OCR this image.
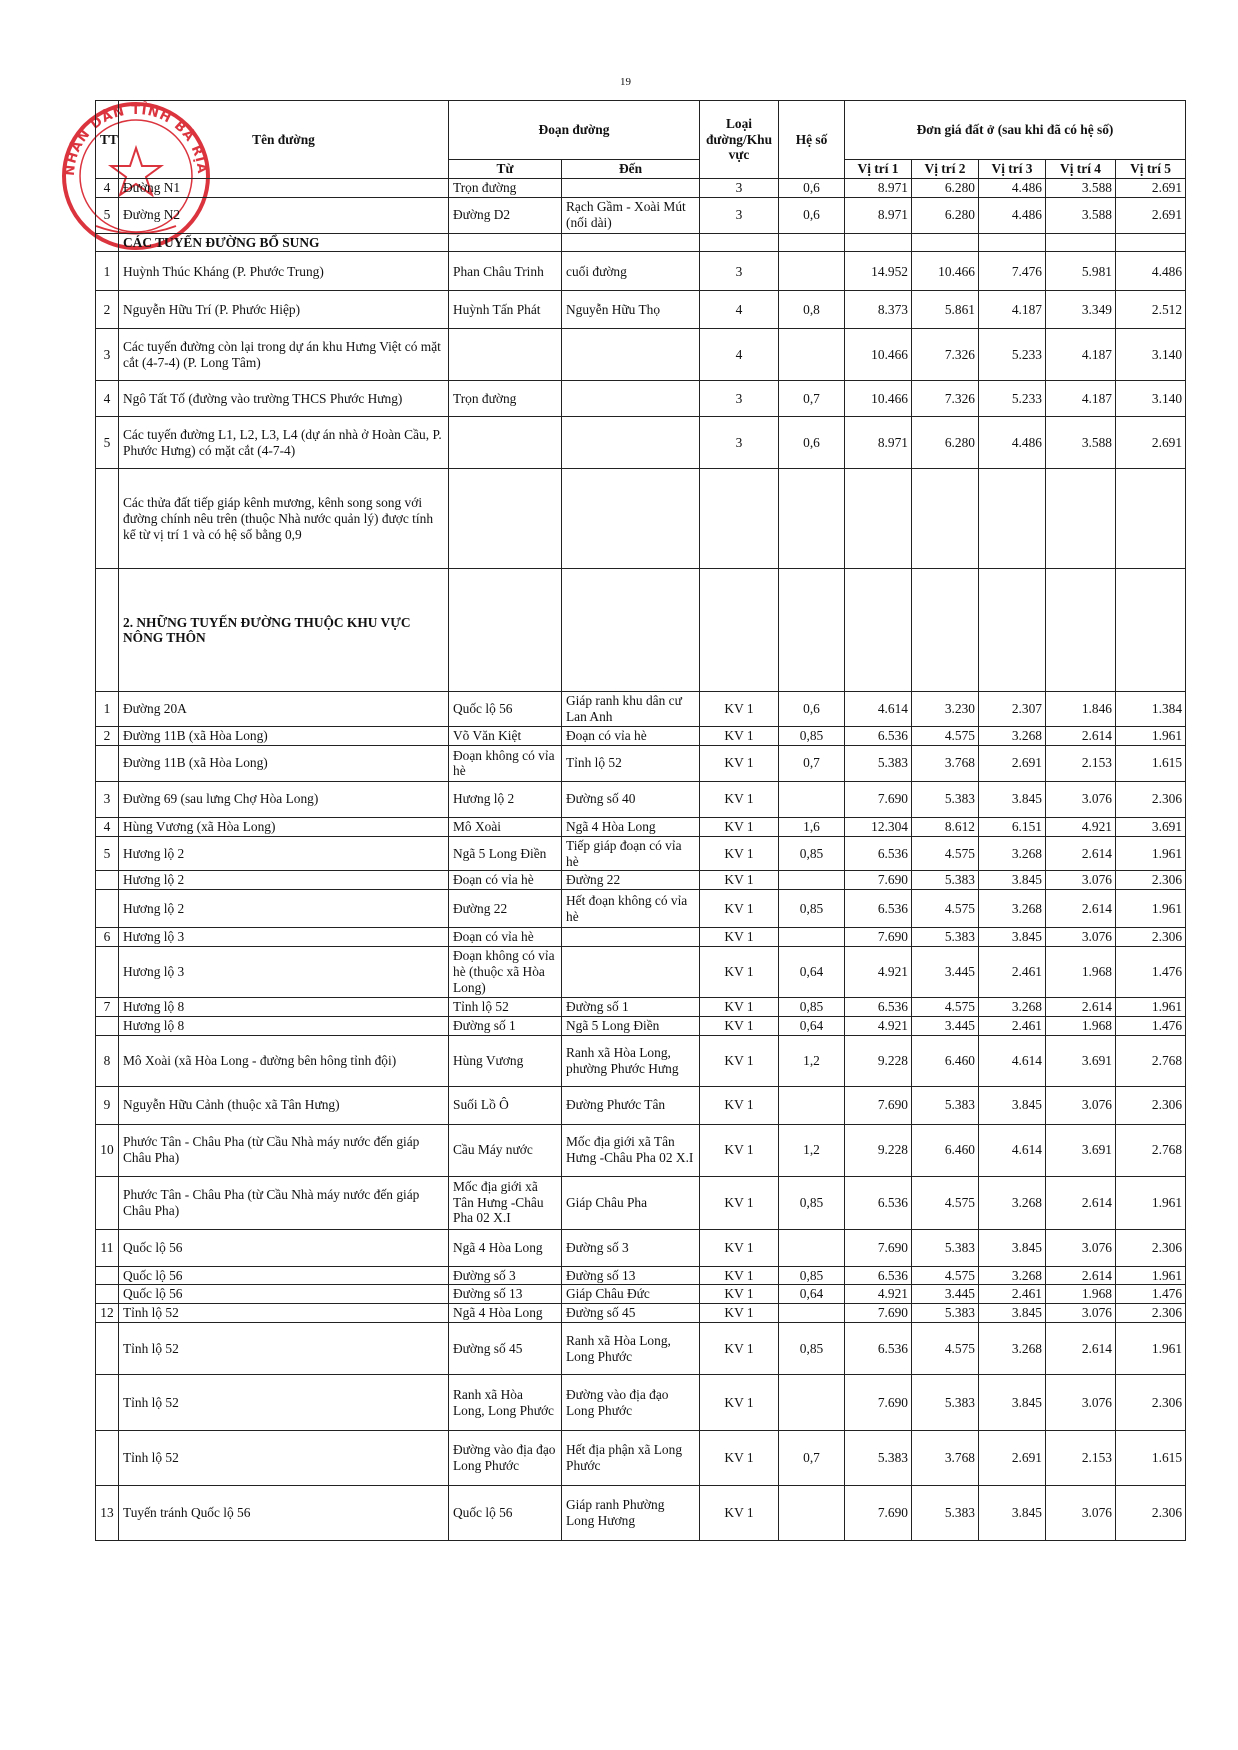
19
NHÂN DÂN TỈNH BÀ RỊA
TT	Tên đường	Đoạn đường		Loại đường/Khu vực	Hệ số	Đơn giá đất ở (sau khi đã có hệ số)				
		Từ	Đến			Vị trí 1	Vị trí 2	Vị trí 3	Vị trí 4	Vị trí 5
4	Đường N1	Trọn đường		3	0,6	8.971	6.280	4.486	3.588	2.691
5	Đường N2	Đường D2	Rạch Gầm - Xoài Mút (nối dài)	3	0,6	8.971	6.280	4.486	3.588	2.691
	CÁC TUYẾN ĐƯỜNG BỔ SUNG									
1	Huỳnh Thúc Kháng (P. Phước Trung)	Phan Châu Trinh	cuối đường	3		14.952	10.466	7.476	5.981	4.486
2	Nguyễn Hữu Trí (P. Phước Hiệp)	Huỳnh Tấn Phát	Nguyễn Hữu Thọ	4	0,8	8.373	5.861	4.187	3.349	2.512
3	Các tuyến đường còn lại trong dự án khu Hưng Việt có mặt cắt (4-7-4) (P. Long Tâm)			4		10.466	7.326	5.233	4.187	3.140
4	Ngô Tất Tố (đường vào trường THCS Phước Hưng)	Trọn đường		3	0,7	10.466	7.326	5.233	4.187	3.140
5	Các tuyến đường L1, L2, L3, L4 (dự án nhà ở Hoàn Cầu, P. Phước Hưng) có mặt cắt (4-7-4)			3	0,6	8.971	6.280	4.486	3.588	2.691
	Các thửa đất tiếp giáp kênh mương, kênh song song với đường chính nêu trên (thuộc Nhà nước quản lý) được tính kể từ vị trí 1 và có hệ số bằng 0,9									
	2. NHỮNG TUYẾN ĐƯỜNG THUỘC KHU VỰC NÔNG THÔN									
1	Đường 20A	Quốc lộ 56	Giáp ranh khu dân cư Lan Anh	KV 1	0,6	4.614	3.230	2.307	1.846	1.384
2	Đường 11B (xã Hòa Long)	Võ Văn Kiệt	Đoạn có vỉa hè	KV 1	0,85	6.536	4.575	3.268	2.614	1.961
	Đường 11B (xã Hòa Long)	Đoạn không có vỉa hè	Tỉnh lộ 52	KV 1	0,7	5.383	3.768	2.691	2.153	1.615
3	Đường 69 (sau lưng Chợ Hòa Long)	Hương lộ 2	Đường số 40	KV 1		7.690	5.383	3.845	3.076	2.306
4	Hùng Vương (xã Hòa Long)	Mô Xoài	Ngã 4 Hòa Long	KV 1	1,6	12.304	8.612	6.151	4.921	3.691
5	Hương lộ 2	Ngã 5 Long Điền	Tiếp giáp đoạn có vỉa hè	KV 1	0,85	6.536	4.575	3.268	2.614	1.961
	Hương lộ 2	Đoạn có vỉa hè	Đường 22	KV 1		7.690	5.383	3.845	3.076	2.306
	Hương lộ 2	Đường 22	Hết đoạn không có vỉa hè	KV 1	0,85	6.536	4.575	3.268	2.614	1.961
6	Hương lộ 3	Đoạn có vỉa hè		KV 1		7.690	5.383	3.845	3.076	2.306
	Hương lộ 3	Đoạn không có vỉa hè (thuộc xã Hòa Long)		KV 1	0,64	4.921	3.445	2.461	1.968	1.476
7	Hương lộ 8	Tỉnh lộ 52	Đường số 1	KV 1	0,85	6.536	4.575	3.268	2.614	1.961
	Hương lộ 8	Đường số 1	Ngã 5 Long Điền	KV 1	0,64	4.921	3.445	2.461	1.968	1.476
8	Mô Xoài (xã Hòa Long - đường bên hông tỉnh đội)	Hùng Vương	Ranh xã Hòa Long, phường Phước Hưng	KV 1	1,2	9.228	6.460	4.614	3.691	2.768
9	Nguyễn Hữu Cảnh (thuộc xã Tân Hưng)	Suối Lồ Ô	Đường Phước Tân	KV 1		7.690	5.383	3.845	3.076	2.306
10	Phước Tân - Châu Pha (từ Cầu Nhà máy nước đến giáp Châu Pha)	Cầu Máy nước	Mốc địa giới xã Tân Hưng -Châu Pha 02 X.I	KV 1	1,2	9.228	6.460	4.614	3.691	2.768
	Phước Tân - Châu Pha (từ Cầu Nhà máy nước đến giáp Châu Pha)	Mốc địa giới xã Tân Hưng -Châu Pha 02 X.I	Giáp Châu Pha	KV 1	0,85	6.536	4.575	3.268	2.614	1.961
11	Quốc lộ 56	Ngã 4 Hòa Long	Đường số 3	KV 1		7.690	5.383	3.845	3.076	2.306
	Quốc lộ 56	Đường số 3	Đường số 13	KV 1	0,85	6.536	4.575	3.268	2.614	1.961
	Quốc lộ 56	Đường số 13	Giáp Châu Đức	KV 1	0,64	4.921	3.445	2.461	1.968	1.476
12	Tỉnh lộ 52	Ngã 4 Hòa Long	Đường số 45	KV 1		7.690	5.383	3.845	3.076	2.306
	Tỉnh lộ 52	Đường số 45	Ranh xã Hòa Long, Long Phước	KV 1	0,85	6.536	4.575	3.268	2.614	1.961
	Tỉnh lộ 52	Ranh xã Hòa Long, Long Phước	Đường vào địa đạo Long Phước	KV 1		7.690	5.383	3.845	3.076	2.306
	Tỉnh lộ 52	Đường vào địa đạo Long Phước	Hết địa phận xã Long Phước	KV 1	0,7	5.383	3.768	2.691	2.153	1.615
13	Tuyến tránh Quốc lộ 56	Quốc lộ 56	Giáp ranh Phường Long Hương	KV 1		7.690	5.383	3.845	3.076	2.306
